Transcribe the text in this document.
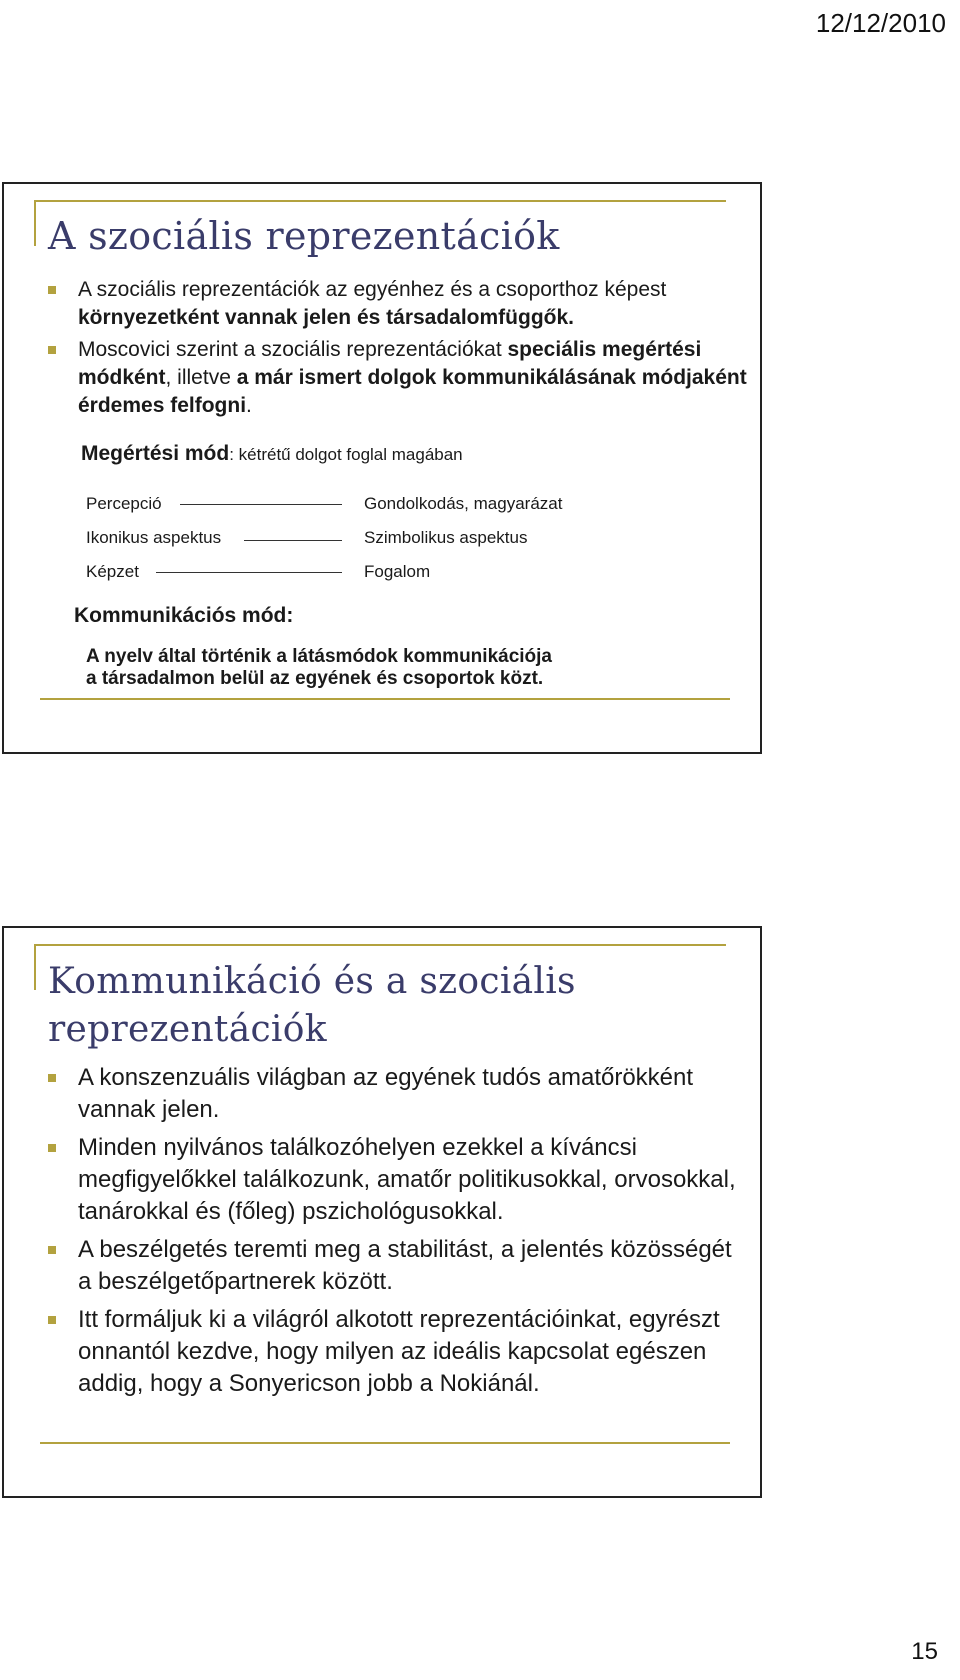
12/12/2010
A szociális reprezentációk
A szociális reprezentációk az egyénhez és a csoporthoz képest környezetként vannak jelen és társadalomfüggők.
Moscovici szerint a szociális reprezentációkat speciális megértési módként, illetve a már ismert dolgok kommunikálásának módjaként érdemes felfogni.
Megértési mód: kétrétű dolgot foglal magában
Percepció	Gondolkodás, magyarázat
Ikonikus aspektus	Szimbolikus aspektus
Képzet	Fogalom
Kommunikációs mód:
A nyelv által történik a látásmódok kommunikációja
a társadalmon belül az egyének és csoportok közt.
Kommunikáció és a szociális
reprezentációk
A konszenzuális világban az egyének tudós amatőrökként vannak jelen.
Minden nyilvános találkozóhelyen ezekkel a kíváncsi megfigyelőkkel találkozunk, amatőr politikusokkal, orvosokkal, tanárokkal és (főleg) pszichológusokkal.
A beszélgetés teremti meg a stabilitást, a jelentés közösségét a beszélgetőpartnerek között.
Itt formáljuk ki a világról alkotott reprezentációinkat, egyrészt onnantól kezdve, hogy milyen az ideális kapcsolat egészen addig, hogy a Sonyericson jobb a Nokiánál.
15
